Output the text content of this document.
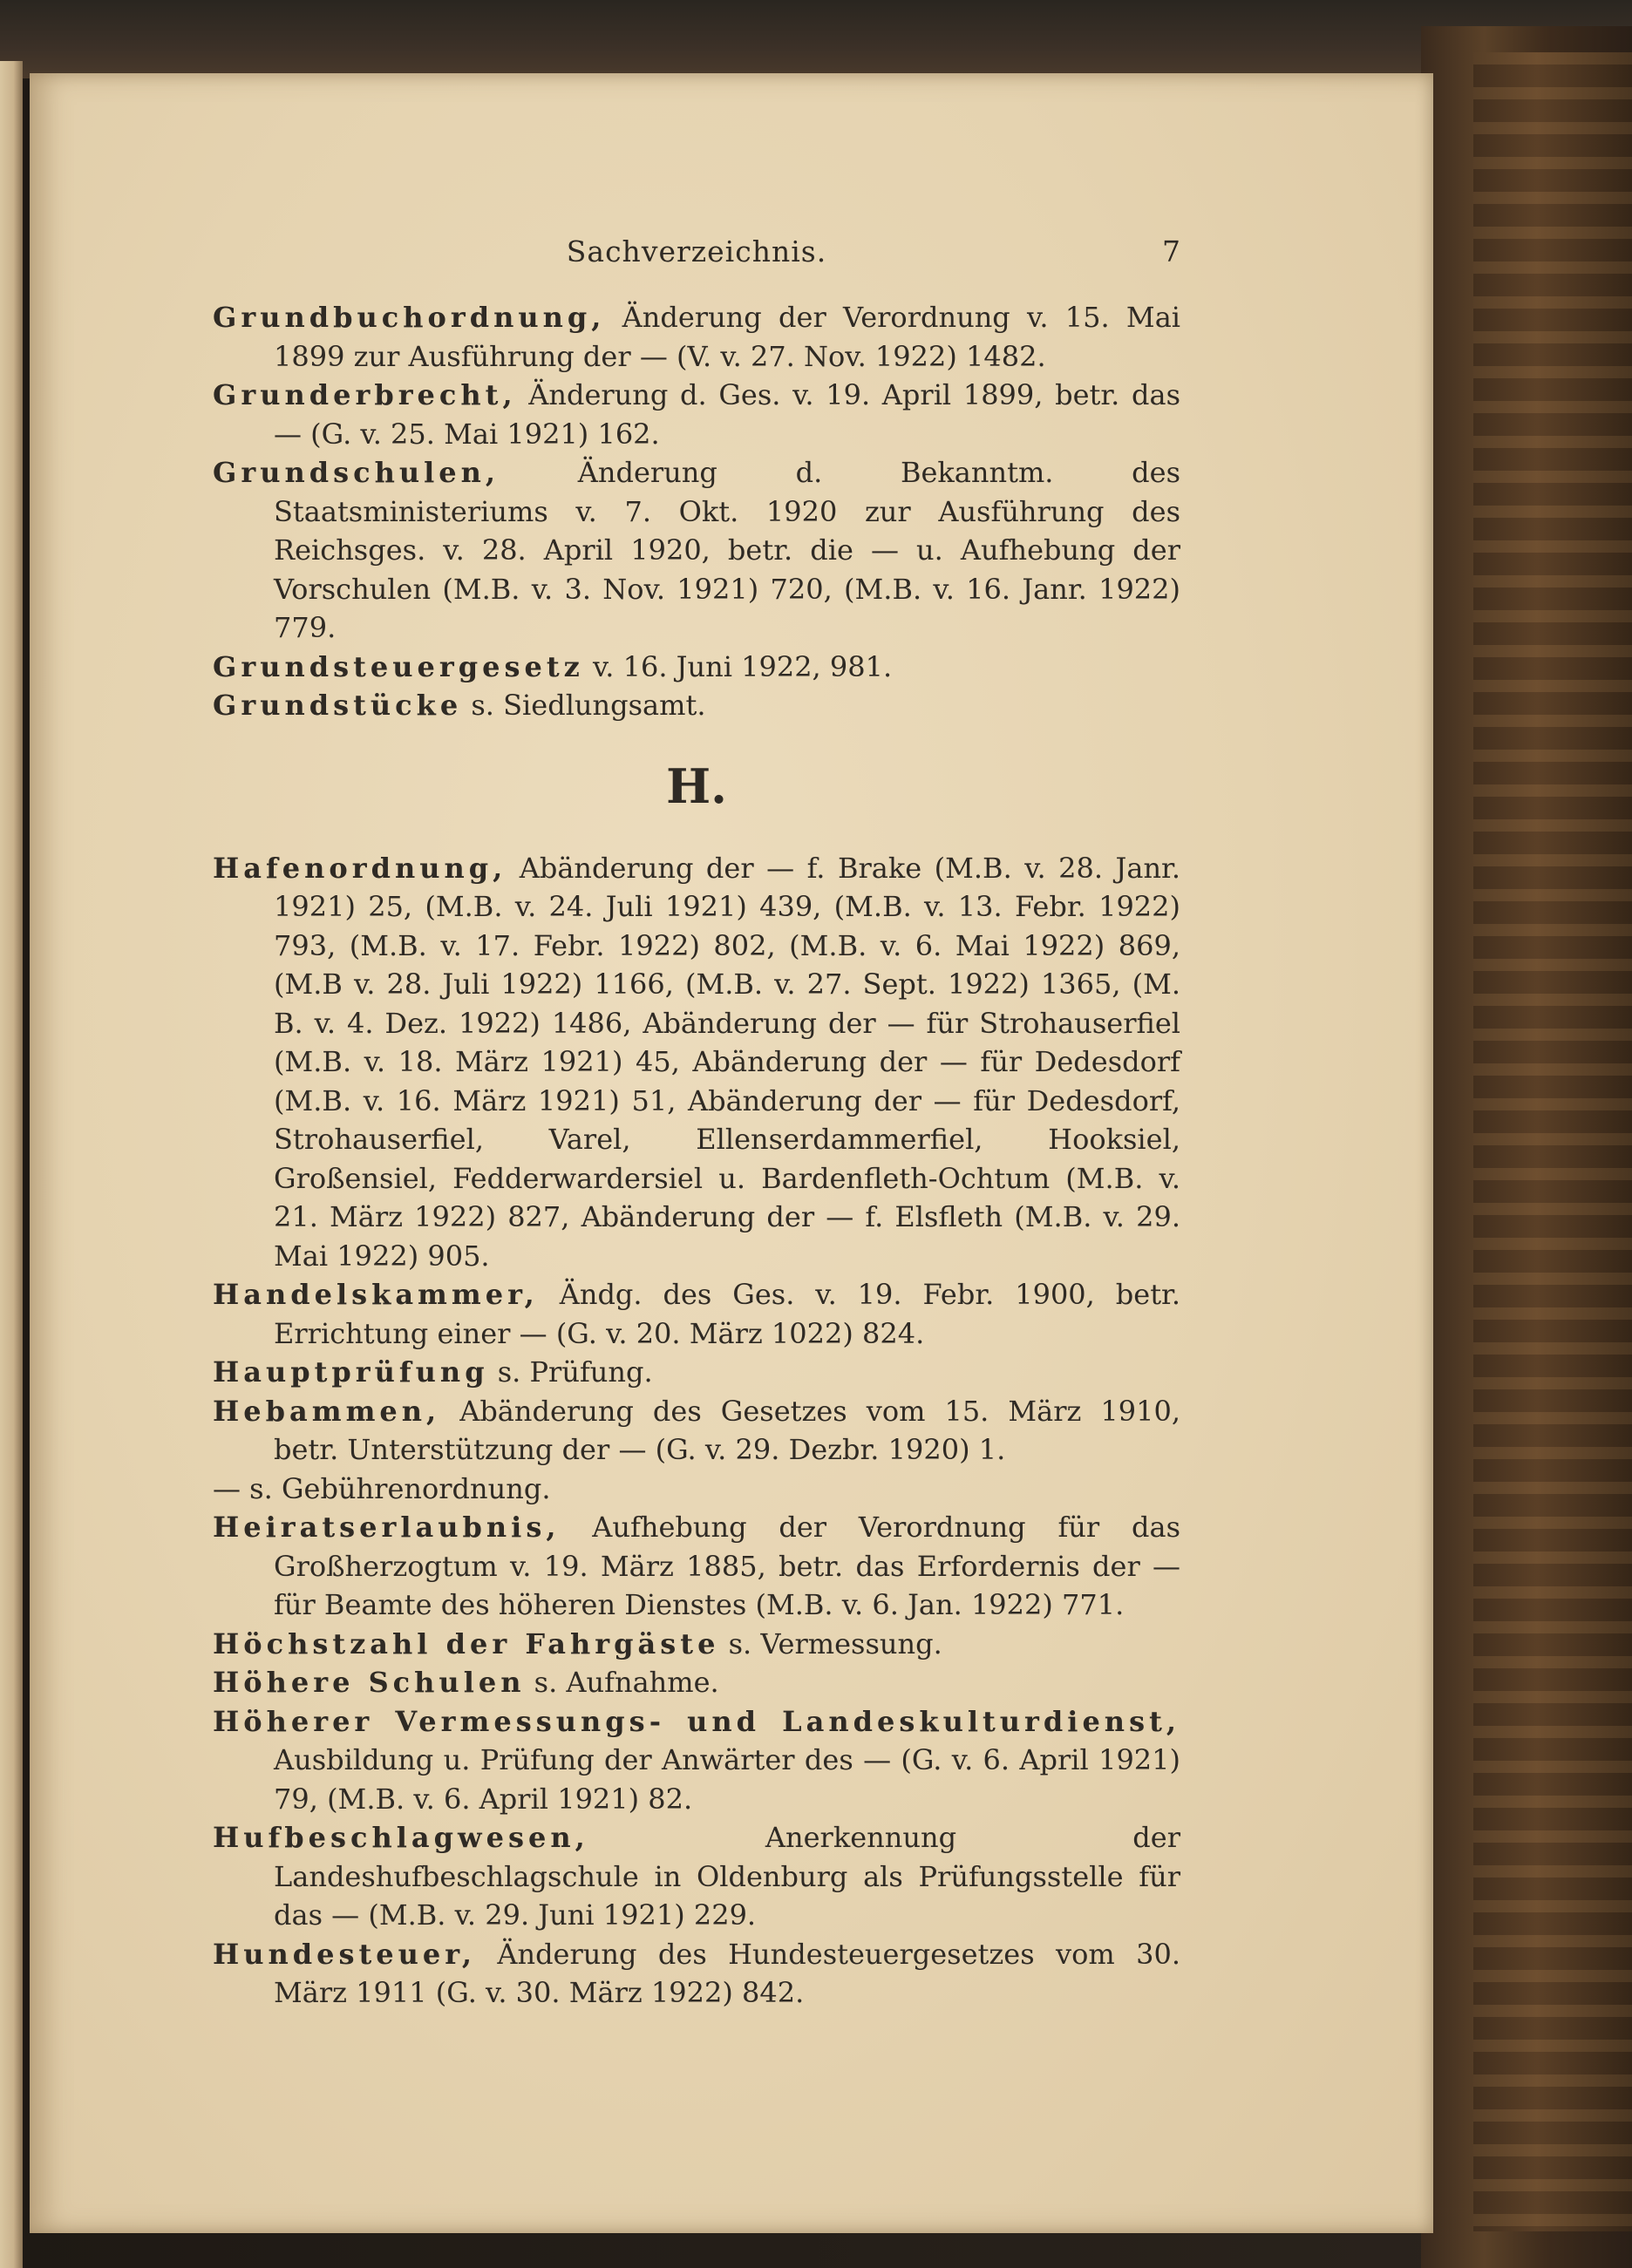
Sachverzeichnis.	7

Grundbuchordnung, Änderung der Verordnung v. 15. Mai 1899 zur Ausführung der — (V. v. 27. Nov. 1922) 1482.

Grunderbrecht, Änderung d. Ges. v. 19. April 1899, betr. das — (G. v. 25. Mai 1921) 162.

Grundschulen, Änderung d. Bekanntm. des Staatsministeriums v. 7. Okt. 1920 zur Ausführung des Reichsges. v. 28. April 1920, betr. die — u. Aufhebung der Vorschulen (M.B. v. 3. Nov. 1921) 720, (M.B. v. 16. Janr. 1922) 779.

Grundsteuergesetz v. 16. Juni 1922, 981.

Grundstücke s. Siedlungsamt.

H.

Hafenordnung, Abänderung der — f. Brake (M.B. v. 28. Janr. 1921) 25, (M.B. v. 24. Juli 1921) 439, (M.B. v. 13. Febr. 1922) 793, (M.B. v. 17. Febr. 1922) 802, (M.B. v. 6. Mai 1922) 869, (M.B v. 28. Juli 1922) 1166, (M.B. v. 27. Sept. 1922) 1365, (M. B. v. 4. Dez. 1922) 1486, Abänderung der — für Strohauserfiel (M.B. v. 18. März 1921) 45, Abänderung der — für Dedesdorf (M.B. v. 16. März 1921) 51, Abänderung der — für Dedesdorf, Strohauserfiel, Varel, Ellenserdammerfiel, Hooksiel, Großensiel, Fedderwardersiel u. Bardenfleth-Ochtum (M.B. v. 21. März 1922) 827, Abänderung der — f. Elsfleth (M.B. v. 29. Mai 1922) 905.

Handelskammer, Ändg. des Ges. v. 19. Febr. 1900, betr. Errichtung einer — (G. v. 20. März 1022) 824.

Hauptprüfung s. Prüfung.

Hebammen, Abänderung des Gesetzes vom 15. März 1910, betr. Unterstützung der — (G. v. 29. Dezbr. 1920) 1.

— s. Gebührenordnung.

Heiratserlaubnis, Aufhebung der Verordnung für das Großherzogtum v. 19. März 1885, betr. das Erfordernis der — für Beamte des höheren Dienstes (M.B. v. 6. Jan. 1922) 771.

Höchstzahl der Fahrgäste s. Vermessung.

Höhere Schulen s. Aufnahme.

Höherer Vermessungs- und Landeskulturdienst, Ausbildung u. Prüfung der Anwärter des — (G. v. 6. April 1921) 79, (M.B. v. 6. April 1921) 82.

Hufbeschlagwesen, Anerkennung der Landeshufbeschlagschule in Oldenburg als Prüfungsstelle für das — (M.B. v. 29. Juni 1921) 229.

Hundesteuer, Änderung des Hundesteuergesetzes vom 30. März 1911 (G. v. 30. März 1922) 842.
